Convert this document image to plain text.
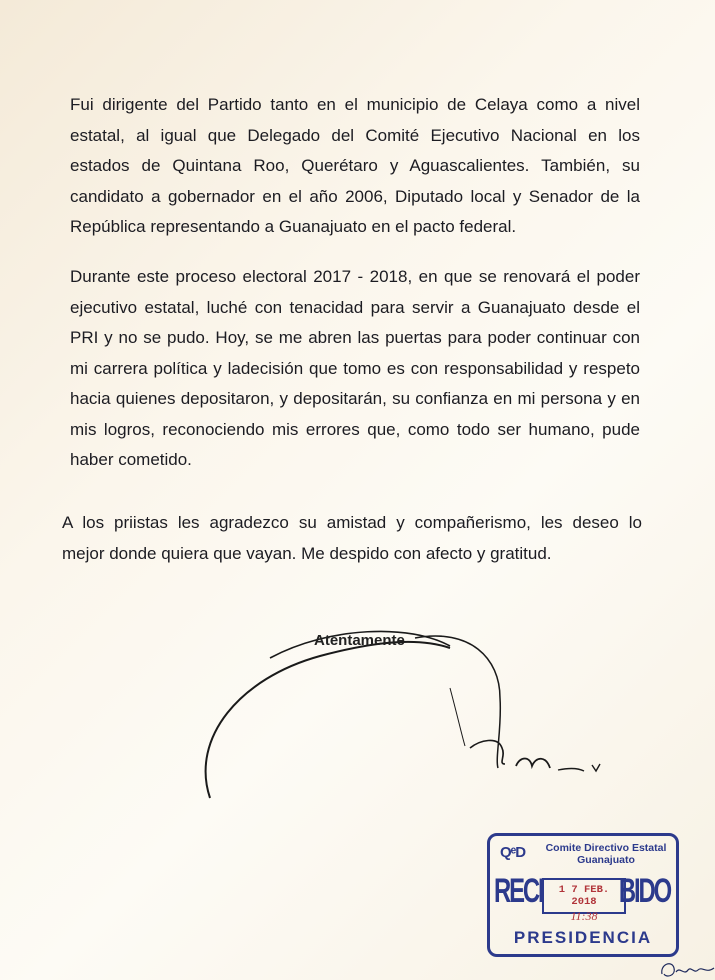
Fui dirigente del Partido tanto en el municipio de Celaya como a nivel
estatal, al igual que Delegado del Comité Ejecutivo Nacional en los
estados de Quintana Roo, Querétaro y Aguascalientes. También, su
candidato a gobernador en el año 2006, Diputado local y Senador de la
República representando a Guanajuato en el pacto federal.

Durante este proceso electoral 2017 - 2018, en que se renovará el poder
ejecutivo estatal, luché con tenacidad para servir a Guanajuato desde el
PRI y no se pudo. Hoy, se me abren las puertas para poder continuar con
mi carrera política y ladecisión que tomo es con responsabilidad y respeto
hacia quienes depositaron, y depositarán, su confianza en mi persona y en
mis logros, reconociendo mis errores que, como todo ser humano, pude
haber cometido.

A los priistas les agradezco su amistad y compañerismo, les deseo lo
mejor donde quiera que vayan. Me despido con afecto y gratitud.

Atentamente
QᵉD	Comite Directivo Estatal
Guanajuato
RECI	1 7 FEB. 2018
11:38
BIDO
PRESIDENCIA
